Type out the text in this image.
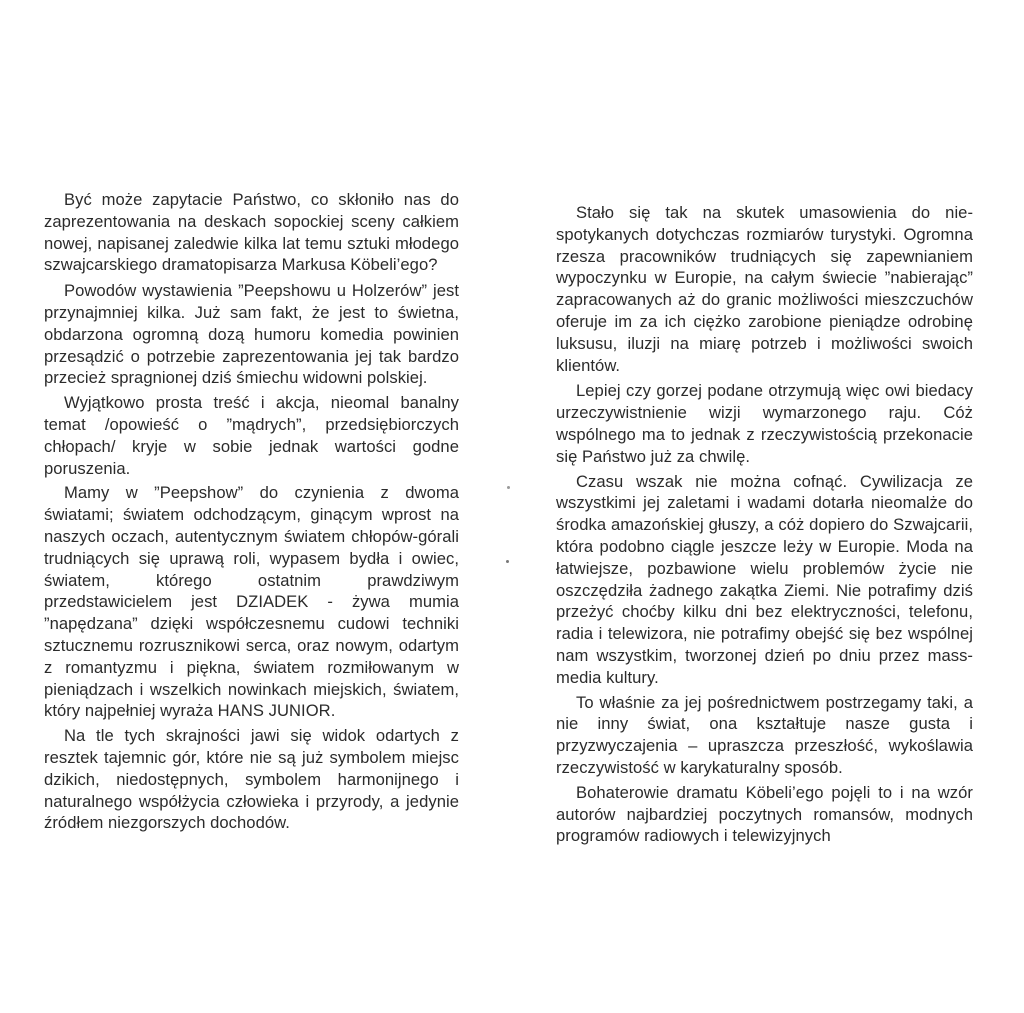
Być może zapytacie Państwo, co skłoniło nas do zaprezentowania na deskach sopockiej sceny całkiem nowej, napisanej zaledwie kilka lat temu sztuki młodego szwajcarskiego dramatopisarza Markusa Köbeli’ego?

Powodów wystawienia ”Peepshowu u Holzerów” jest przynajmniej kilka. Już sam fakt, że jest to świetna, obdarzona ogromną dozą humoru komedia powinien przesądzić o potrzebie zaprezentowania jej tak bardzo przecież spragnionej dziś śmiechu widowni polskiej.

Wyjątkowo prosta treść i akcja, nieomal banalny temat /opowieść o ”mądrych”, przedsiębiorczych chłopach/ kryje w sobie jednak wartości godne poruszenia.

Mamy w ”Peepshow” do czynienia z dwoma światami; światem odchodzącym, ginącym wprost na naszych oczach, autentycznym światem chłopów-górali trudniących się uprawą roli, wypasem bydła i owiec, światem, którego ostatnim prawdziwym przedstawicielem jest DZIADEK - żywa mumia ”napędzana” dzięki współczesnemu cudowi techniki sztucznemu rozrusznikowi serca, oraz nowym, odartym z romantyzmu i piękna, światem rozmiłowanym w pieniądzach i wszelkich nowinkach miejskich, światem, który najpełniej wyraża HANS JUNIOR.

Na tle tych skrajności jawi się widok odartych z resztek tajemnic gór, które nie są już symbolem miejsc dzikich, niedostępnych, symbolem harmonijnego i naturalnego współżycia człowieka i przyrody, a jedynie źródłem niezgorszych dochodów.

Stało się tak na skutek umasowienia do niespotykanych dotychczas rozmiarów turystyki. Ogromna rzesza pracowników trudniących się zapewnianiem wypoczynku w Europie, na całym świecie ”nabierając” zapracowanych aż do granic możliwości mieszczuchów oferuje im za ich ciężko zarobione pieniądze odrobinę luksusu, iluzji na miarę potrzeb i możliwości swoich klientów.

Lepiej czy gorzej podane otrzymują więc owi biedacy urzeczywistnienie wizji wymarzonego raju. Cóż wspólnego ma to jednak z rzeczywistością przekonacie się Państwo już za chwilę.

Czasu wszak nie można cofnąć. Cywilizacja ze wszystkimi jej zaletami i wadami dotarła nieomalże do środka amazońskiej głuszy, a cóż dopiero do Szwajcarii, która podobno ciągle jeszcze leży w Europie. Moda na łatwiejsze, pozbawione wielu problemów życie nie oszczędziła żadnego zakątka Ziemi. Nie potrafimy dziś przeżyć choćby kilku dni bez elektryczności, telefonu, radia i telewizora, nie potrafimy obejść się bez wspólnej nam wszystkim, tworzonej dzień po dniu przez mass-media kultury.

To właśnie za jej pośrednictwem postrzegamy taki, a nie inny świat, ona kształtuje nasze gusta i przyzwyczajenia – upraszcza przeszłość, wykoślawia rzeczywistość w karykaturalny sposób.

Bohaterowie dramatu Köbeli’ego pojęli to i na wzór autorów najbardziej poczytnych romansów, modnych programów radiowych i telewizyjnych
